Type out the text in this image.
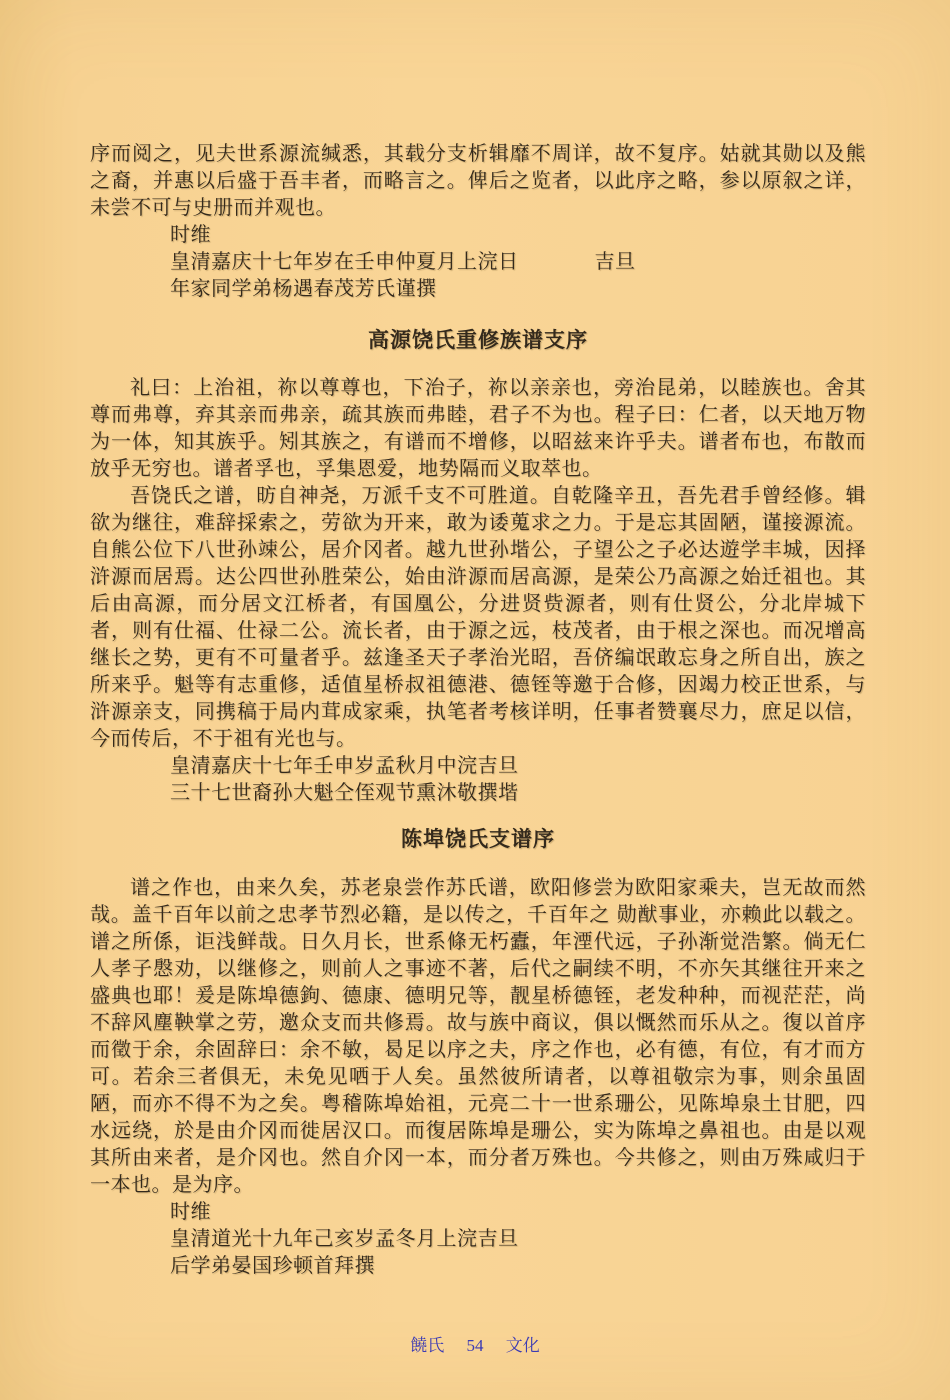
序而阅之，见夫世系源流缄悉，其载分支析辑靡不周详，故不复序。姑就其勋以及熊之裔，并惠以后盛于吾丰者，而略言之。俾后之览者，以此序之略，参以原叙之详，未尝不可与史册而并观也。

时维

皇清嘉庆十七年岁在壬申仲夏月上浣日	吉旦

年家同学弟杨遇春茂芳氏谨撰

高源饶氏重修族谱支序

礼曰：上治祖，祢以尊尊也，下治子，祢以亲亲也，旁治昆弟，以睦族也。舍其尊而弗尊，弃其亲而弗亲，疏其族而弗睦，君子不为也。程子曰：仁者，以天地万物为一体，知其族乎。矧其族之，有谱而不增修，以昭兹来许乎夫。谱者布也，布散而放乎无穷也。谱者孚也，孚集恩爱，地势隔而义取萃也。

吾饶氏之谱，昉自神尧，万派千支不可胜道。自乾隆辛丑，吾先君手曾经修。辑欲为继往，难辞採索之，劳欲为开来，敢为诿蒐求之力。于是忘其固陋，谨接源流。自熊公位下八世孙竦公，居介冈者。越九世孙堦公，子望公之子必达遊学丰城，因择浒源而居焉。达公四世孙胜荣公，始由浒源而居高源，是荣公乃高源之始迁祖也。其后由高源，而分居文江桥者，有国凰公，分进贤赀源者，则有仕贤公，分北岸城下者，则有仕福、仕禄二公。流长者，由于源之远，枝茂者，由于根之深也。而况增高继长之势，更有不可量者乎。兹逢圣天子孝治光昭，吾侪编氓敢忘身之所自出，族之所来乎。魁等有志重修，适值星桥叔祖德港、德铚等邀于合修，因竭力校正世系，与浒源亲支，同携稿于局内茸成家乘，执笔者考核详明，任事者赞襄尽力，庶足以信，今而传后，不于祖有光也与。

皇清嘉庆十七年壬申岁孟秋月中浣吉旦

三十七世裔孙大魁仝侄观节熏沐敬撰堦

陈埠饶氏支谱序

谱之作也，由来久矣，苏老泉尝作苏氏谱，欧阳修尝为欧阳家乘夫，岂无故而然哉。盖千百年以前之忠孝节烈必籍，是以传之，千百年之 勋猷事业，亦赖此以载之。谱之所係，讵浅鲜哉。日久月长，世系條无朽蠹，年湮代远，子孙渐觉浩繁。倘无仁人孝子慇劝，以继修之，则前人之事迹不著，后代之嗣续不明，不亦矢其继往开来之盛典也耶！爰是陈埠德鉤、德康、德明兄等，靓星桥德铚，老发种种，而视茫茫，尚不辞风塵鞅掌之劳，邀众支而共修焉。故与族中商议，俱以慨然而乐从之。復以首序而徵于余，余固辞曰：余不敏，曷足以序之夫，序之作也，必有德，有位，有才而方可。若余三者俱无，未免见哂于人矣。虽然彼所请者，以尊祖敬宗为事，则余虽固陋，而亦不得不为之矣。粤稽陈埠始祖，元亮二十一世系珊公，见陈埠泉土甘肥，四水远绕，於是由介冈而徙居汉口。而復居陈埠是珊公，实为陈埠之鼻祖也。由是以观其所由来者，是介冈也。然自介冈一本，而分者万殊也。今共修之，则由万殊咸归于一本也。是为序。

时维

皇清道光十九年己亥岁孟冬月上浣吉旦

后学弟晏国珍顿首拜撰

饒氏 54 文化
